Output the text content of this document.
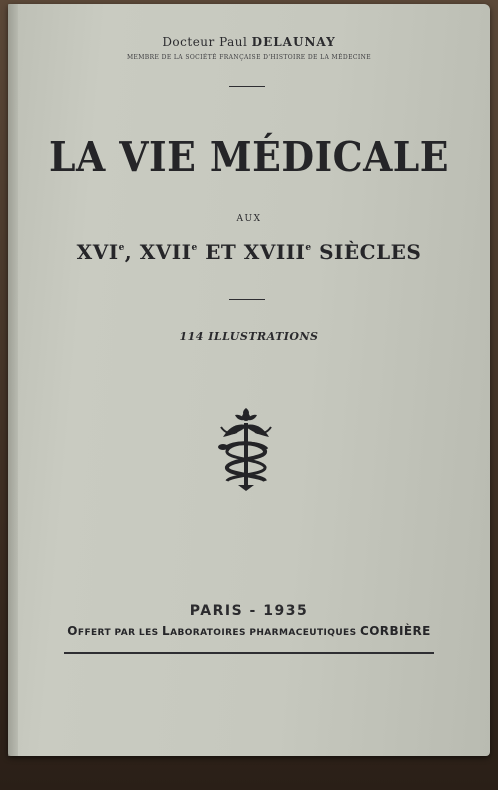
Docteur Paul DELAUNAY
MEMBRE DE LA SOCIÉTÉ FRANÇAISE D'HISTOIRE DE LA MÉDECINE
LA VIE MÉDICALE
AUX
XVIe, XVIIe ET XVIIIe SIÈCLES
114 ILLUSTRATIONS
PARIS - 1935
OFFERT PAR LES LABORATOIRES PHARMACEUTIQUES CORBIÈRE
